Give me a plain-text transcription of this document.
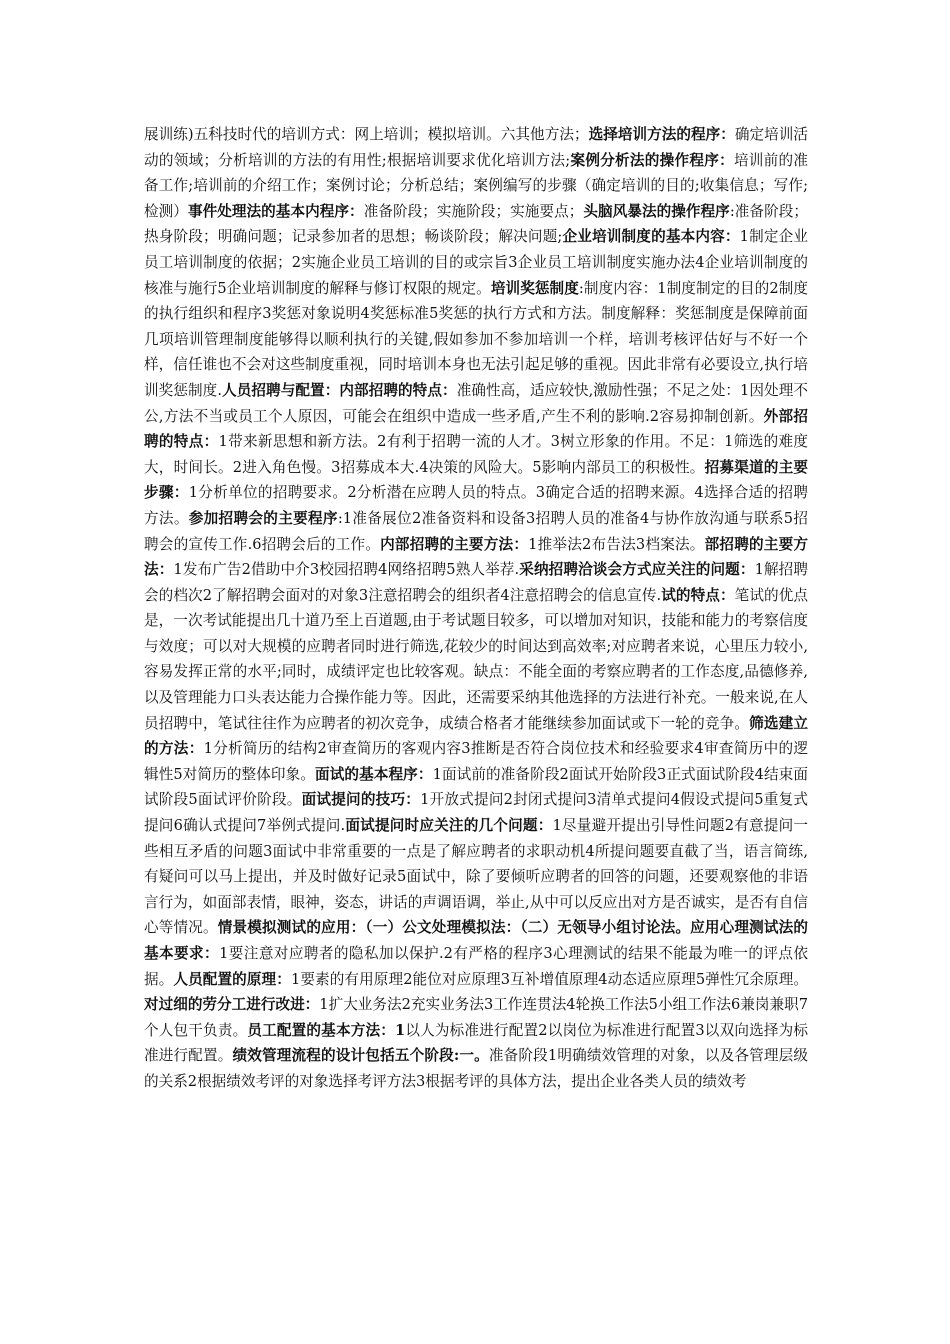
展训练)五科技时代的培训方式：网上培训；模拟培训。六其他方法；选择培训方法的程序：确定培训活动的领域；分析培训的方法的有用性;根据培训要求优化培训方法;案例分析法的操作程序：培训前的准备工作;培训前的介绍工作；案例讨论；分析总结；案例编写的步骤（确定培训的目的;收集信息；写作;检测）事件处理法的基本内程序：准备阶段；实施阶段；实施要点；头脑风暴法的操作程序:准备阶段；热身阶段；明确问题；记录参加者的思想；畅谈阶段；解决问题;企业培训制度的基本内容：1制定企业员工培训制度的依据；2实施企业员工培训的目的或宗旨3企业员工培训制度实施办法4企业培训制度的核准与施行5企业培训制度的解释与修订权限的规定。培训奖惩制度:制度内容：1制度制定的目的2制度的执行组织和程序3奖惩对象说明4奖惩标准5奖惩的执行方式和方法。制度解释：奖惩制度是保障前面几项培训管理制度能够得以顺利执行的关键,假如参加不参加培训一个样，培训考核评估好与不好一个样，信任谁也不会对这些制度重视，同时培训本身也无法引起足够的重视。因此非常有必要设立,执行培训奖惩制度.人员招聘与配置：内部招聘的特点：准确性高，适应较快,激励性强；不足之处：1因处理不公,方法不当或员工个人原因，可能会在组织中造成一些矛盾,产生不利的影响.2容易抑制创新。外部招聘的特点：1带来新思想和新方法。2有利于招聘一流的人才。3树立形象的作用。不足：1筛选的难度大，时间长。2进入角色慢。3招募成本大.4决策的风险大。5影响内部员工的积极性。招募渠道的主要步骤：1分析单位的招聘要求。2分析潜在应聘人员的特点。3确定合适的招聘来源。4选择合适的招聘方法。参加招聘会的主要程序:1准备展位2准备资料和设备3招聘人员的准备4与协作放沟通与联系5招聘会的宣传工作.6招聘会后的工作。内部招聘的主要方法：1推举法2布告法3档案法。部招聘的主要方法：1发布广告2借助中介3校园招聘4网络招聘5熟人举荐.采纳招聘洽谈会方式应关注的问题：1解招聘会的档次2了解招聘会面对的对象3注意招聘会的组织者4注意招聘会的信息宣传.试的特点：笔试的优点是，一次考试能提出几十道乃至上百道题,由于考试题目较多，可以增加对知识，技能和能力的考察信度与效度；可以对大规模的应聘者同时进行筛选,花较少的时间达到高效率;对应聘者来说，心里压力较小,容易发挥正常的水平;同时，成绩评定也比较客观。缺点：不能全面的考察应聘者的工作态度,品德修养,以及管理能力口头表达能力合操作能力等。因此，还需要采纳其他选择的方法进行补充。一般来说,在人员招聘中，笔试往往作为应聘者的初次竞争，成绩合格者才能继续参加面试或下一轮的竞争。筛选建立的方法：1分析简历的结构2审查简历的客观内容3推断是否符合岗位技术和经验要求4审查简历中的逻辑性5对简历的整体印象。面试的基本程序：1面试前的准备阶段2面试开始阶段3正式面试阶段4结束面试阶段5面试评价阶段。面试提问的技巧：1开放式提问2封闭式提问3清单式提问4假设式提问5重复式提问6确认式提问7举例式提问.面试提问时应关注的几个问题：1尽量避开提出引导性问题2有意提问一些相互矛盾的问题3面试中非常重要的一点是了解应聘者的求职动机4所提问题要直截了当，语言简练,有疑问可以马上提出，并及时做好记录5面试中，除了要倾听应聘者的回答的问题，还要观察他的非语言行为，如面部表情，眼神，姿态，讲话的声调语调，举止,从中可以反应出对方是否诚实，是否有自信心等情况。情景模拟测试的应用：（一）公文处理模拟法：（二）无领导小组讨论法。应用心理测试法的基本要求：1要注意对应聘者的隐私加以保护.2有严格的程序3心理测试的结果不能最为唯一的评点依据。人员配置的原理：1要素的有用原理2能位对应原理3互补增值原理4动态适应原理5弹性冗余原理。对过细的劳分工进行改进：1扩大业务法2充实业务法3工作连贯法4轮换工作法5小组工作法6兼岗兼职7个人包干负责。员工配置的基本方法：1以人为标准进行配置2以岗位为标准进行配置3以双向选择为标准进行配置。绩效管理流程的设计包括五个阶段:一。准备阶段1明确绩效管理的对象，以及各管理层级的关系2根据绩效考评的对象选择考评方法3根据考评的具体方法，提出企业各类人员的绩效考
